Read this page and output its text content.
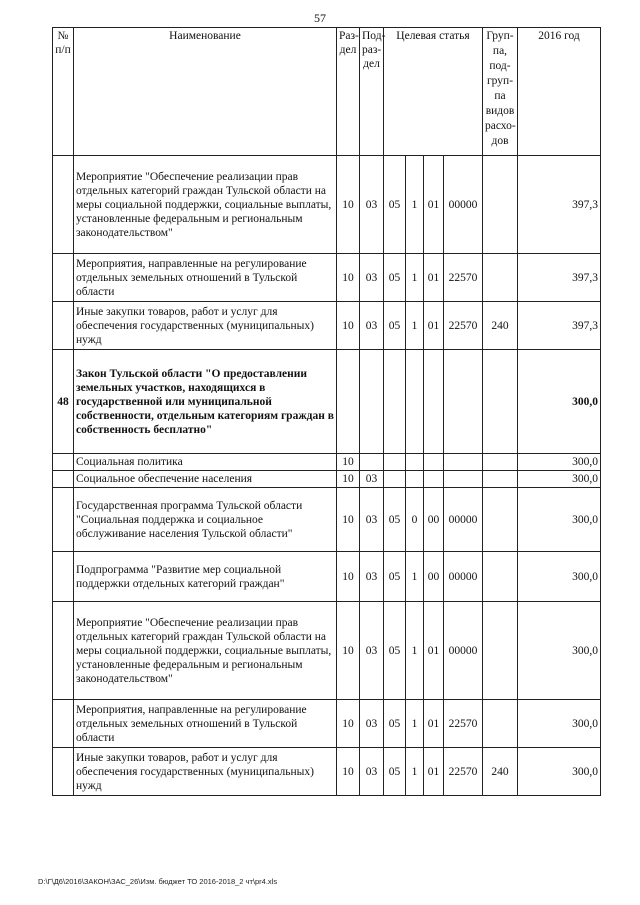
57
№ п/п	Наименование	Раз-дел	Под-раз-дел	Целевая статья				Груп-па, под-груп-па видов расхо-дов	2016 год
	Мероприятие "Обеспечение реализации прав отдельных категорий граждан Тульской области на меры социальной поддержки, социальные выплаты, установленные федеральным и региональным законодательством"	10	03	05	1	01	00000		397,3
	Мероприятия, направленные на регулирование отдельных земельных отношений в Тульской области	10	03	05	1	01	22570		397,3
	Иные закупки товаров, работ и услуг для обеспечения государственных (муниципальных) нужд	10	03	05	1	01	22570	240	397,3
48	Закон Тульской области "О предоставлении земельных участков, находящихся в государственной или муниципальной собственности, отдельным категориям граждан в собственность бесплатно"								300,0
	Социальная политика	10							300,0
	Социальное обеспечение населения	10	03						300,0
	Государственная программа Тульской области "Социальная поддержка и социальное обслуживание населения Тульской области"	10	03	05	0	00	00000		300,0
	Подпрограмма "Развитие мер социальной поддержки отдельных категорий граждан"	10	03	05	1	00	00000		300,0
	Мероприятие "Обеспечение реализации прав отдельных категорий граждан Тульской области на меры социальной поддержки, социальные выплаты, установленные федеральным и региональным законодательством"	10	03	05	1	01	00000		300,0
	Мероприятия, направленные на регулирование отдельных земельных отношений в Тульской области	10	03	05	1	01	22570		300,0
	Иные закупки товаров, работ и услуг для обеспечения государственных (муниципальных) нужд	10	03	05	1	01	22570	240	300,0
D:\Г\Д6\2016\ЗАКОН\ЗАС_26\Изм. бюджет ТО 2016-2018_2 чт\pr4.xls
